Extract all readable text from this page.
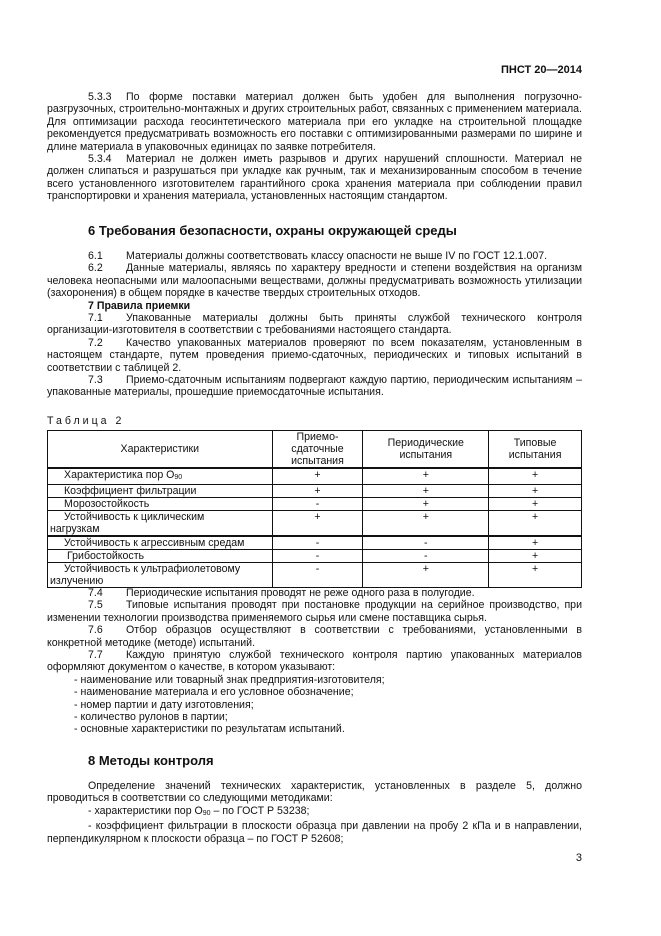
ПНСТ 20—2014

5.3.3 По форме поставки материал должен быть удобен для выполнения погрузочно-разгрузочных, строительно-монтажных и других строительных работ, связанных с применением материала. Для оптимизации расхода геосинтетического материала при его укладке на строительной площадке рекомендуется предусматривать возможность его поставки с оптимизированными размерами по ширине и длине материала в упаковочных единицах по заявке потребителя.

5.3.4 Материал не должен иметь разрывов и других нарушений сплошности. Материал не должен слипаться и разрушаться при укладке как ручным, так и механизированным способом в течение всего установленного изготовителем гарантийного срока хранения материала при соблюдении правил транспортировки и хранения материала, установленных настоящим стандартом.

6 Требования безопасности, охраны окружающей среды

6.1 Материалы должны соответствовать классу опасности не выше IV по ГОСТ 12.1.007.

6.2 Данные материалы, являясь по характеру вредности и степени воздействия на организм человека неопасными или малоопасными веществами, должны предусматривать возможность утилизации (захоронения) в общем порядке в качестве твердых строительных отходов.

7 Правила приемки

7.1 Упакованные материалы должны быть приняты службой технического контроля организации-изготовителя в соответствии с требованиями настоящего стандарта.

7.2 Качество упакованных материалов проверяют по всем показателям, установленным в настоящем стандарте, путем проведения приемо-сдаточных, периодических и типовых испытаний в соответствии с таблицей 2.

7.3 Приемо-сдаточным испытаниям подвергают каждую партию, периодическим испытаниям – упакованные материалы, прошедшие приемосдаточные испытания.

Таблица 2
Характеристики	Приемо-сдаточные испытания	Периодические испытания	Типовые испытания
Характеристика пор $O_{90}$	+	+	+
Коэффициент фильтрации	+	+	+
Морозостойкость	-	+	+
Устойчивость к циклическим нагрузкам	+	+	+
Устойчивость к агрессивным средам	-	-	+
Грибостойкость	-	-	+
Устойчивость к ультрафиолетовому излучению	-	+	+

7.4 Периодические испытания проводят не реже одного раза в полугодие.

7.5 Типовые испытания проводят при постановке продукции на серийное производство, при изменении технологии производства применяемого сырья или смене поставщика сырья.

7.6 Отбор образцов осуществляют в соответствии с требованиями, установленными в конкретной методике (методе) испытаний.

7.7 Каждую принятую службой технического контроля партию упакованных материалов оформляют документом о качестве, в котором указывают:

- наименование или товарный знак предприятия-изготовителя;

- наименование материала и его условное обозначение;

- номер партии и дату изготовления;

- количество рулонов в партии;

- основные характеристики по результатам испытаний.

8 Методы контроля

Определение значений технических характеристик, установленных в разделе 5, должно проводиться в соответствии со следующими методиками:

- характеристики пор $O_{90}$ – по ГОСТ Р 53238;

- коэффициент фильтрации в плоскости образца при давлении на пробу 2 кПа и в направлении, перпендикулярном к плоскости образца – по ГОСТ Р 52608;

3
